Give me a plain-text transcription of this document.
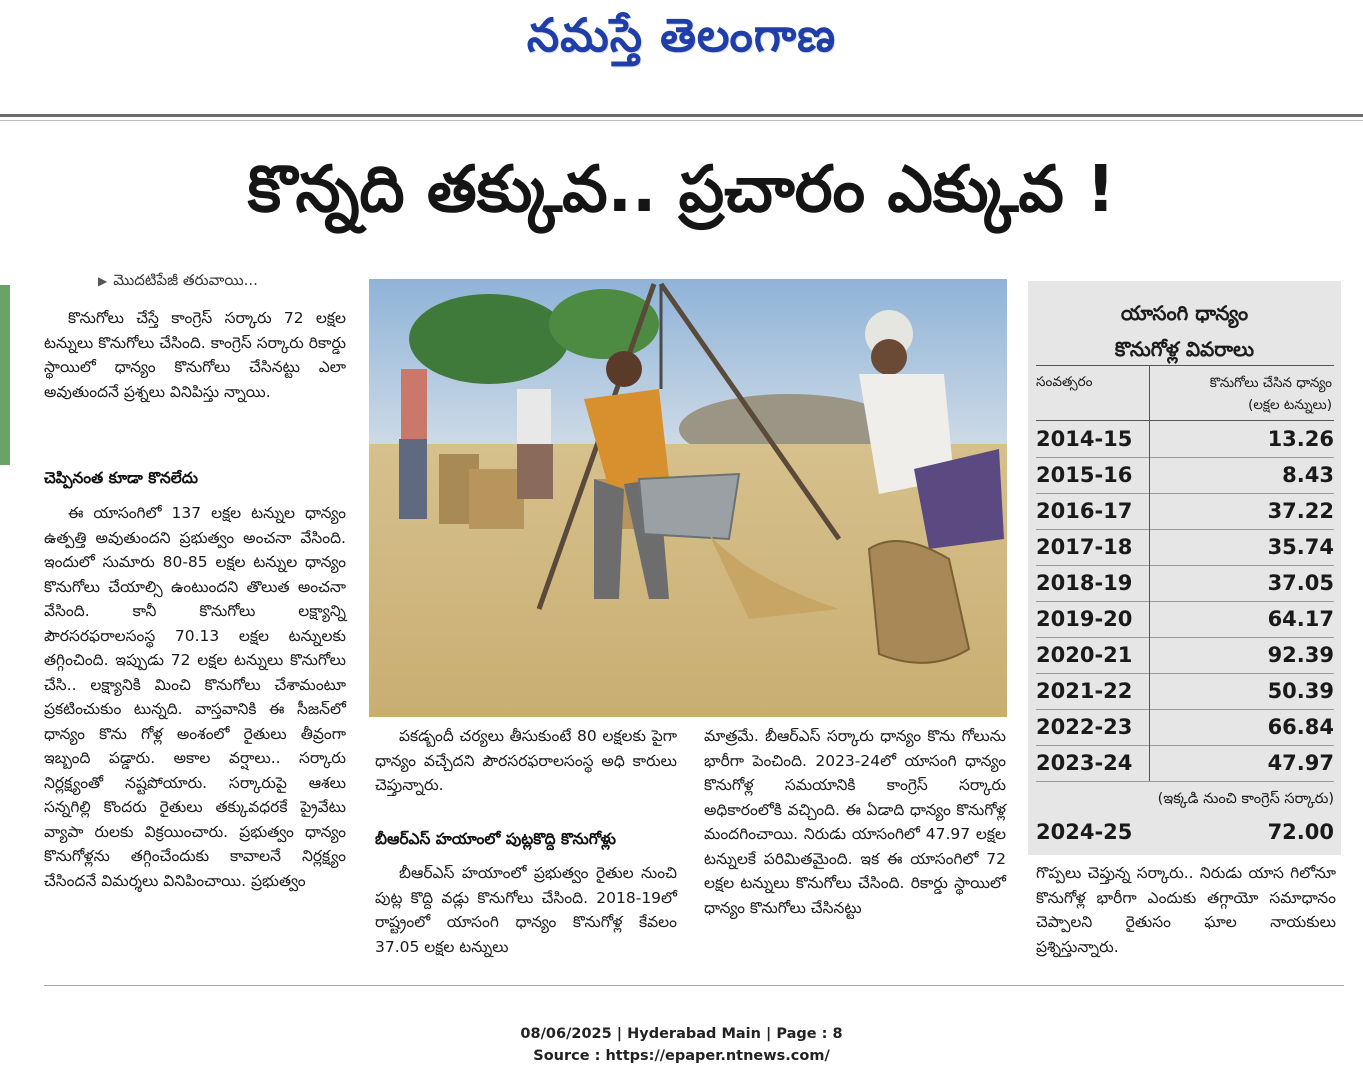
నమస్తే తెలంగాణ
కొన్నది తక్కువ.. ప్రచారం ఎక్కువ !
▶ మొదటిపేజీ తరువాయి...

కొనుగోలు చేస్తే కాంగ్రెస్ సర్కారు 72 లక్షల టన్నులు కొనుగోలు చేసింది. కాంగ్రెస్ సర్కారు రికార్డు స్థాయిలో ధాన్యం కొనుగోలు చేసినట్టు ఎలా అవుతుందనే ప్రశ్నలు వినిపిస్తు న్నాయి.

చెప్పినంత కూడా కొనలేదు

ఈ యాసంగిలో 137 లక్షల టన్నుల ధాన్యం ఉత్పత్తి అవుతుందని ప్రభుత్వం అంచనా వేసింది. ఇందులో సుమారు 80-85 లక్షల టన్నుల ధాన్యం కొనుగోలు చేయాల్సి ఉంటుందని తొలుత అంచనా వేసింది. కానీ కొనుగోలు లక్ష్యాన్ని పౌరసరఫరాలసంస్థ 70.13 లక్షల టన్నులకు తగ్గించింది. ఇప్పుడు 72 లక్షల టన్నులు కొనుగోలు చేసి.. లక్ష్యానికి మించి కొనుగోలు చేశామంటూ ప్రకటించుకుం టున్నది. వాస్తవానికి ఈ సీజన్‌లో ధాన్యం కొను గోళ్ల అంశంలో రైతులు తీవ్రంగా ఇబ్బంది పడ్డారు. అకాల వర్షాలు.. సర్కారు నిర్లక్ష్యంతో నష్టపోయారు. సర్కారుపై ఆశలు సన్నగిల్లి కొందరు రైతులు తక్కువధరకే ప్రైవేటు వ్యాపా రులకు విక్రయించారు. ప్రభుత్వం ధాన్యం కొనుగోళ్లను తగ్గించేందుకు కావాలనే నిర్లక్ష్యం చేసిందనే విమర్శలు వినిపించాయి. ప్రభుత్వం

పకడ్బందీ చర్యలు తీసుకుంటే 80 లక్షలకు పైగా ధాన్యం వచ్చేదని పౌరసరఫరాలసంస్థ అధి కారులు చెప్తున్నారు.

బీఆర్‌ఎస్ హయాంలో పుట్లకొద్ది కొనుగోళ్లు

బీఆర్‌ఎస్ హయాంలో ప్రభుత్వం రైతుల నుంచి పుట్ల కొద్ది వడ్లు కొనుగోలు చేసింది. 2018-19లో రాష్ట్రంలో యాసంగి ధాన్యం కొనుగోళ్ల కేవలం 37.05 లక్షల టన్నులు

మాత్రమే. బీఆర్‌ఎస్ సర్కారు ధాన్యం కొను గోలును భారీగా పెంచింది. 2023-24లో యాసంగి ధాన్యం కొనుగోళ్ల సమయానికి కాంగ్రెస్ సర్కారు అధికారంలోకి వచ్చింది. ఈ ఏడాది ధాన్యం కొనుగోళ్ల మందగించాయి. నిరుడు యాసంగిలో 47.97 లక్షల టన్నులకే పరిమితమైంది. ఇక ఈ యాసంగిలో 72 లక్షల టన్నులు కొనుగోలు చేసింది. రికార్డు స్థాయిలో ధాన్యం కొనుగోలు చేసినట్టు

యాసంగి ధాన్యం
కొనుగోళ్ల వివరాలు
సంవత్సరం	కొనుగోలు చేసిన ధాన్యం
(లక్షల టన్నులు)
2014-15	13.26
2015-16	8.43
2016-17	37.22
2017-18	35.74
2018-19	37.05
2019-20	64.17
2020-21	92.39
2021-22	50.39
2022-23	66.84
2023-24	47.97
(ఇక్కడి నుంచి కాంగ్రెస్ సర్కారు)
2024-25	72.00

గొప్పలు చెప్తున్న సర్కారు.. నిరుడు యాస గిలోనూ కొనుగోళ్ల భారీగా ఎందుకు తగ్గాయో సమాధానం చెప్పాలని రైతుసం ఘాల నాయకులు ప్రశ్నిస్తున్నారు.

08/06/2025 | Hyderabad Main | Page : 8
Source : https://epaper.ntnews.com/
